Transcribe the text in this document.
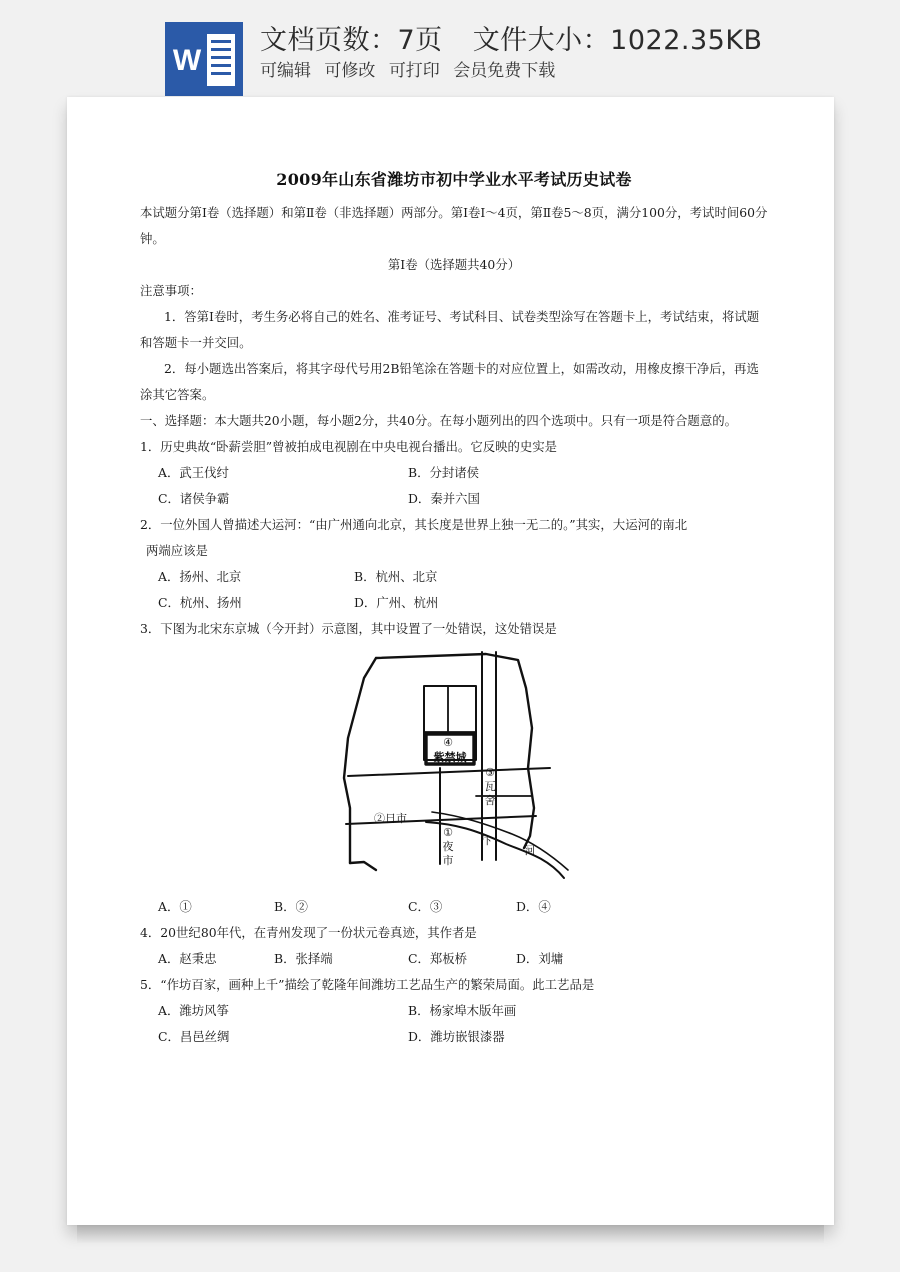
W
文档页数：7页 文件大小：1022.35KB
可编辑 可修改 可打印 会员免费下载
2009年山东省潍坊市初中学业水平考试历史试卷

本试题分第Ⅰ卷（选择题）和第Ⅱ卷（非选择题）两部分。第Ⅰ卷Ⅰ～4页，第Ⅱ卷5～8页，满分100分，考试时间60分钟。

第Ⅰ卷（选择题共40分）

注意事项：

1．答第Ⅰ卷时，考生务必将自己的姓名、准考证号、考试科目、试卷类型涂写在答题卡上，考试结束，将试题和答题卡一并交回。

2．每小题选出答案后，将其字母代号用2B铅笔涂在答题卡的对应位置上，如需改动，用橡皮擦干净后，再选涂其它答案。

一、选择题：本大题共20小题，每小题2分，共40分。在每小题列出的四个选项中。只有一项是符合题意的。

1．历史典故“卧薪尝胆”曾被拍成电视剧在中央电视台播出。它反映的史实是

A．武王伐纣	B．分封诸侯
C．诸侯争霸	D．秦并六国

2．一位外国人曾描述大运河：“由广州通向北京，其长度是世界上独一无二的。”其实，大运河的南北

两端应该是

A．扬州、北京	B．杭州、北京
C．杭州、扬州	D．广州、杭州

3．下图为北宋东京城（今开封）示意图，其中设置了一处错误，这处错误是

④
紫禁城
③
瓦
舍
②日市
①
夜
市
汴
河
A．①	B．②	C．③	D．④

4．20世纪80年代，在青州发现了一份状元卷真迹，其作者是

A．赵秉忠	B．张择端	C．郑板桥	D．刘墉

5．“作坊百家，画种上千”描绘了乾隆年间潍坊工艺品生产的繁荣局面。此工艺品是

A．潍坊风筝	B．杨家埠木版年画
C．昌邑丝绸	D．潍坊嵌银漆器
